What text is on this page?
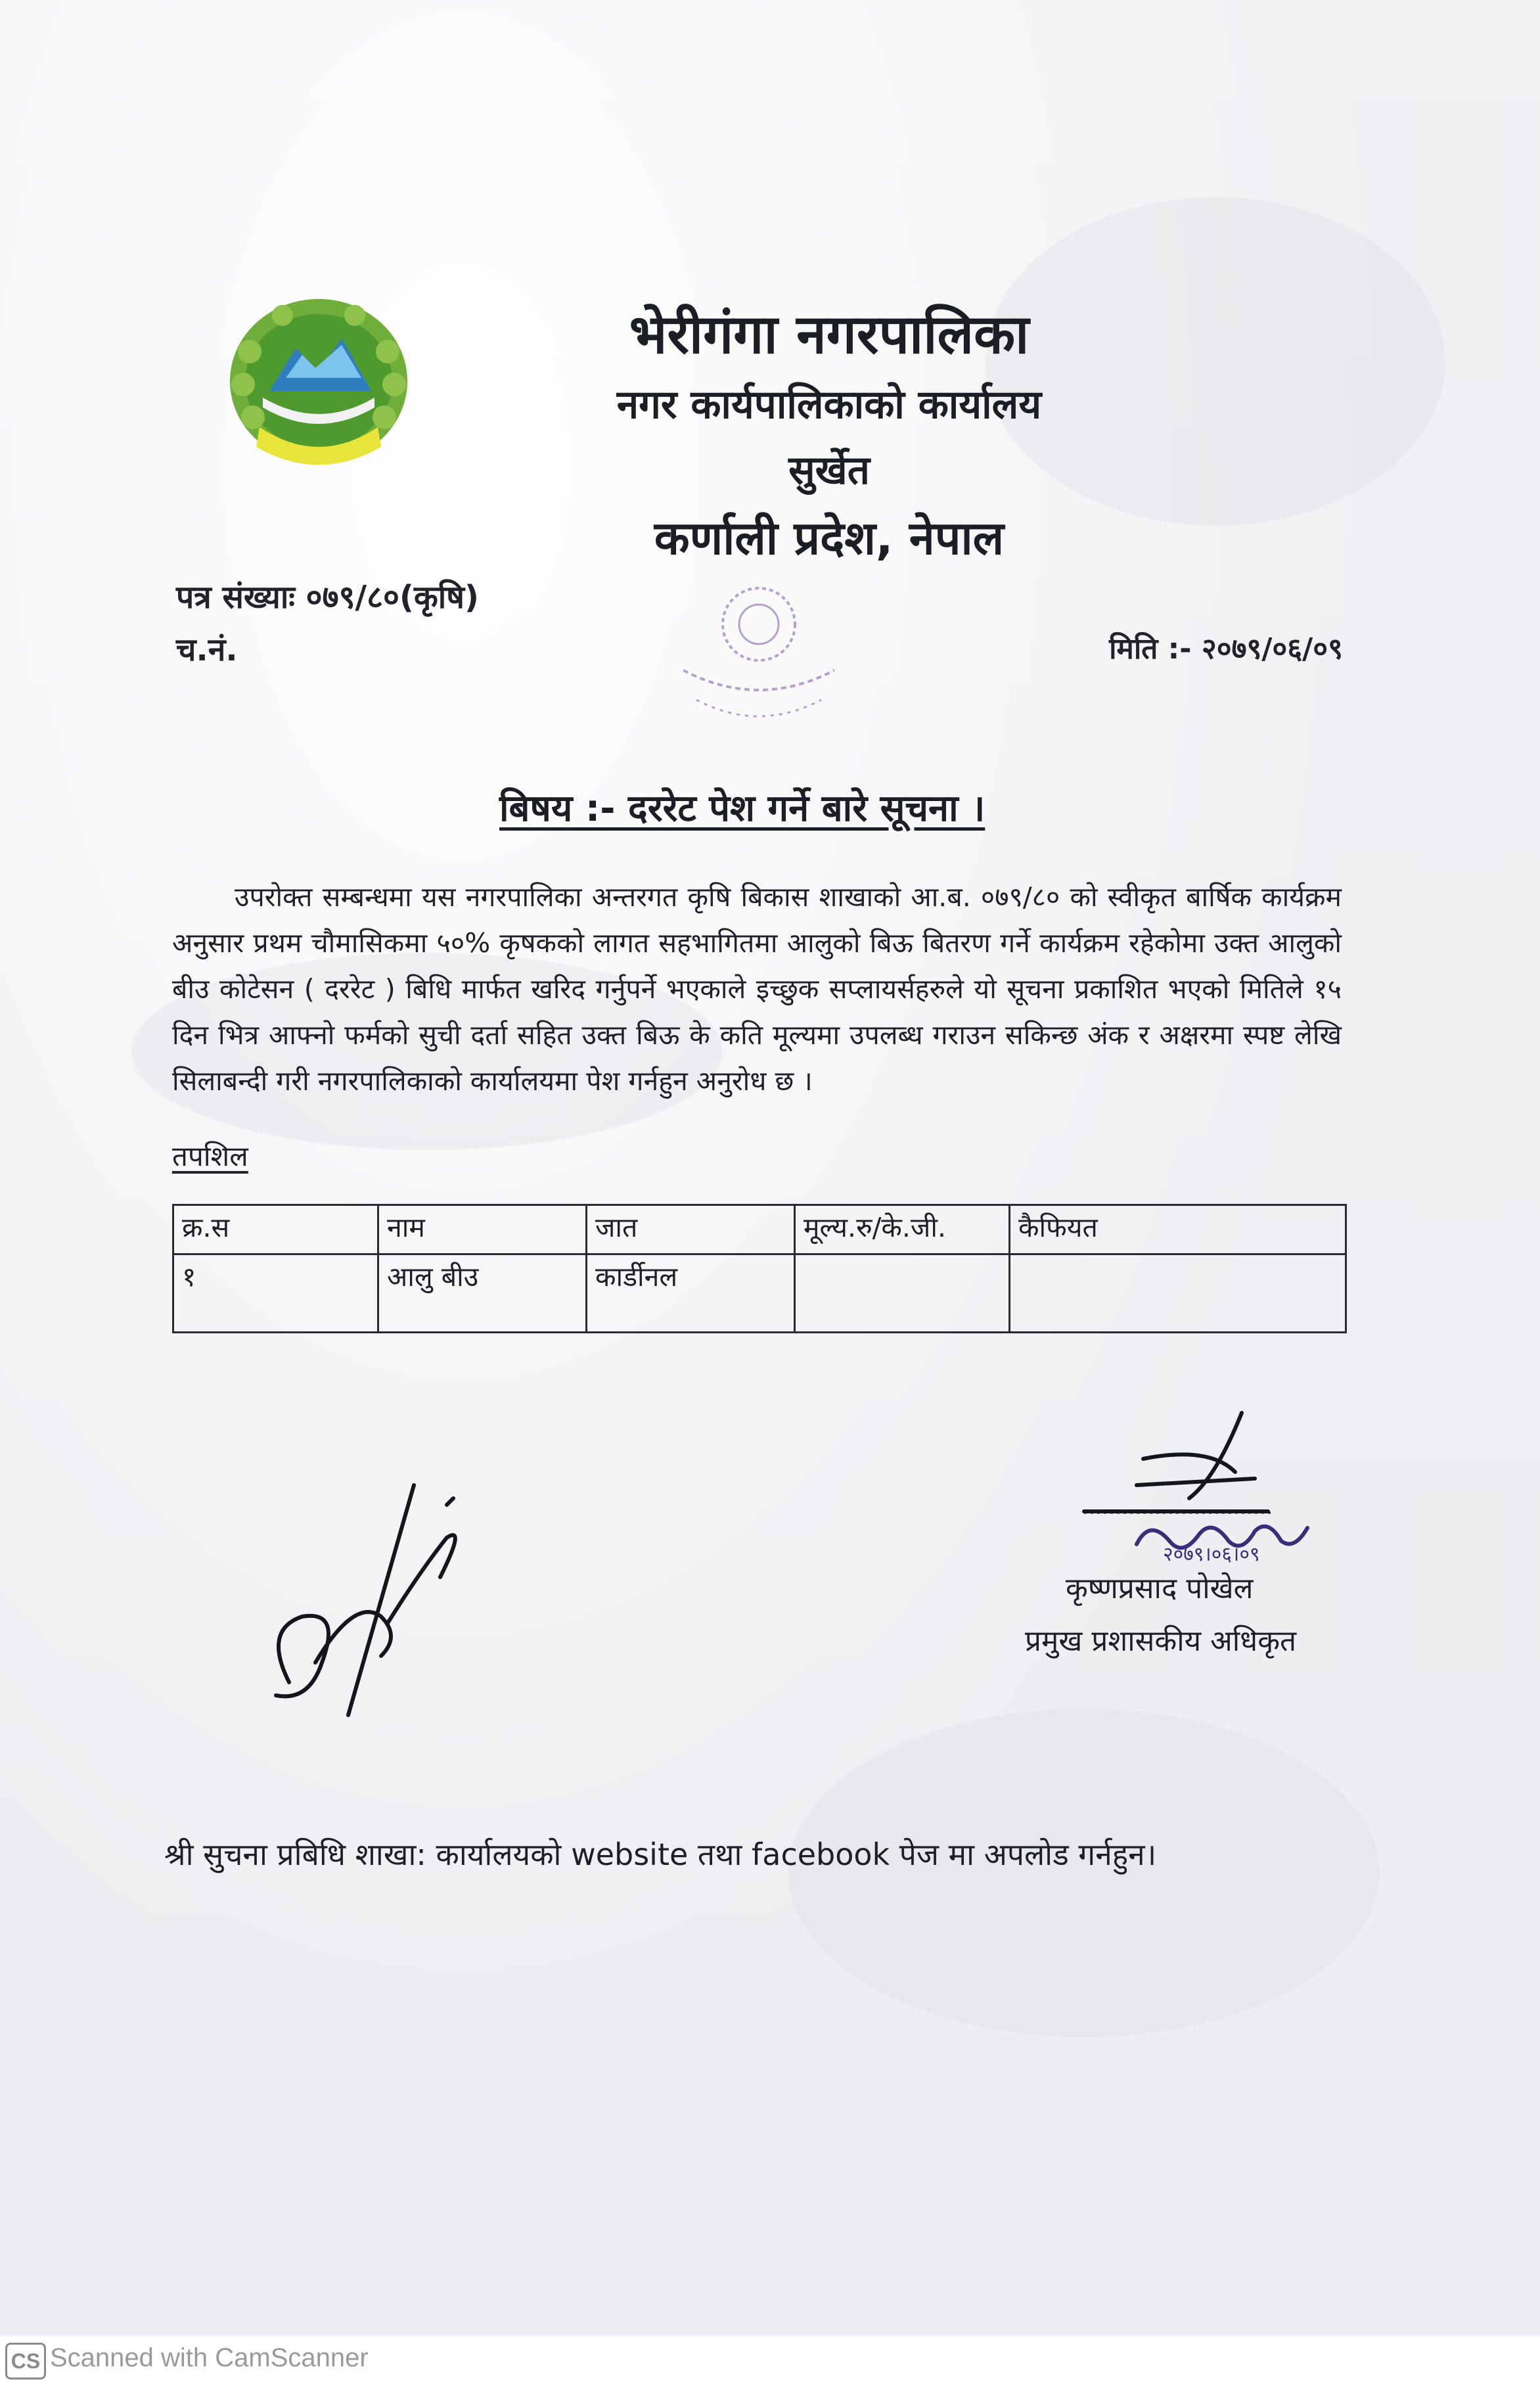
भेरीगंगा नगरपालिका
नगर कार्यपालिकाको कार्यालय
सुर्खेत
कर्णाली प्रदेश, नेपाल
पत्र संख्याः ०७९/८०(कृषि)
च.नं.	मिति :- २०७९/०६/०९
बिषय :- दररेट पेश गर्ने बारे सूचना ।
उपरोक्त सम्बन्धमा यस नगरपालिका अन्तरगत कृषि बिकास शाखाको आ.ब. ०७९/८० को स्वीकृत बार्षिक कार्यक्रम अनुसार प्रथम चौमासिकमा ५०% कृषकको लागत सहभागितमा आलुको बिऊ बितरण गर्ने कार्यक्रम रहेकोमा उक्त आलुको बीउ कोटेसन ( दररेट ) बिधि मार्फत खरिद गर्नुपर्ने भएकाले इच्छुक सप्लायर्सहरुले यो सूचना प्रकाशित भएको मितिले १५ दिन भित्र आफ्नो फर्मको सुची दर्ता सहित उक्त बिऊ के कति मूल्यमा उपलब्ध गराउन सकिन्छ अंक र अक्षरमा स्पष्ट लेखि सिलाबन्दी गरी नगरपालिकाको कार्यालयमा पेश गर्नहुन अनुरोध छ ।
तपशिल
क्र.स	नाम	जात	मूल्य.रु/के.जी.	कैफियत
१	आलु बीउ	कार्डीनल		
२०७९।०६।०९
कृष्णप्रसाद पोखेल
प्रमुख प्रशासकीय अधिकृत
श्री सुचना प्रबिधि शाखा: कार्यालयको website तथा facebook पेज मा अपलोड गर्नहुन।
CS Scanned with CamScanner
